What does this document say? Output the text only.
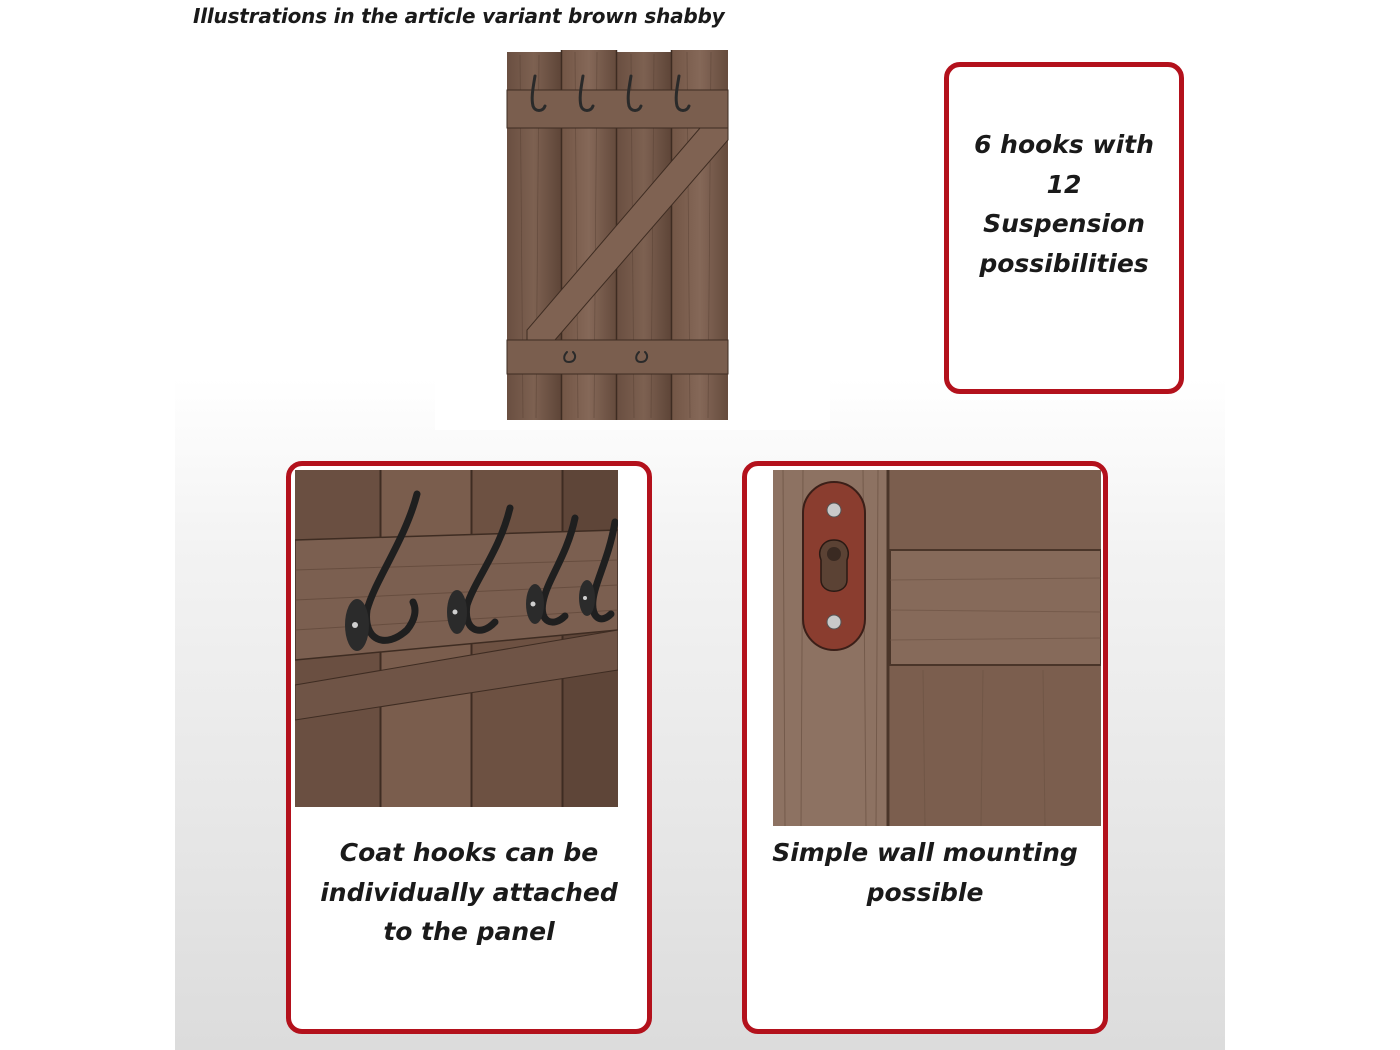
Illustrations in the article variant brown shabby
6 hooks with
12
Suspension
possibilities
Coat hooks can be
individually attached
to the panel
Simple wall mounting
possible
